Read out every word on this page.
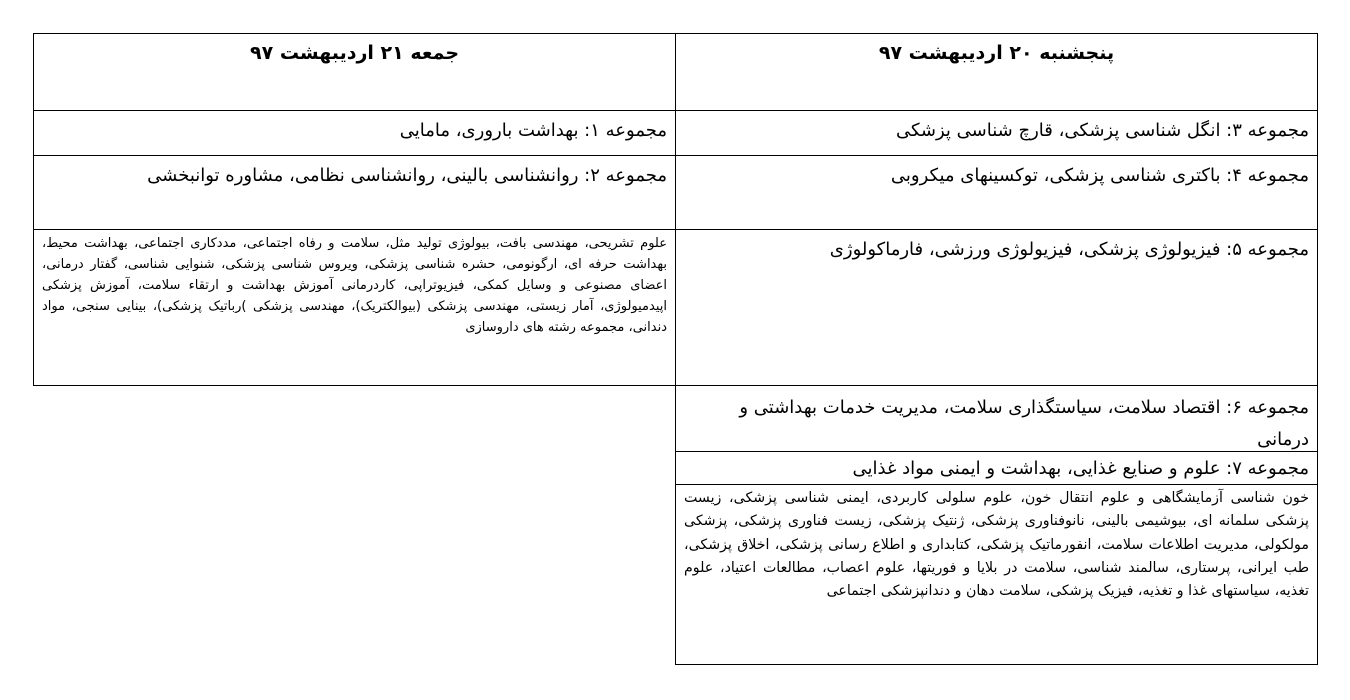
جمعه ۲۱ اردیبهشت ۹۷
مجموعه ۱: بهداشت باروری، مامایی
مجموعه ۲: روانشناسی بالینی، روانشناسی نظامی، مشاوره توانبخشی
علوم تشریحی، مهندسی بافت، بیولوژی تولید مثل، سلامت و رفاه اجتماعی، مددکاری اجتماعی، بهداشت محیط، بهداشت حرفه ای، ارگونومی، حشره شناسی پزشکی، ویروس شناسی پزشکی، شنوایی شناسی، گفتار درمانی، اعضای مصنوعی و وسایل کمکی، فیزیوتراپی، کاردرمانی آموزش بهداشت و ارتقاء سلامت، آموزش پزشکی اپیدمیولوژی، آمار زیستی، مهندسی پزشکی (بیوالکتریک)، مهندسی پزشکی )رباتیک پزشکی)، بینایی سنجی، مواد دندانی، مجموعه رشته های داروسازی
پنجشنبه ۲۰ اردیبهشت ۹۷
مجموعه ۳: انگل شناسی پزشکی، قارچ شناسی پزشکی
مجموعه ۴: باکتری شناسی پزشکی، توکسینهای میکروبی
مجموعه ۵: فیزیولوژی پزشکی، فیزیولوژی ورزشی، فارماکولوژی
مجموعه ۶: اقتصاد سلامت، سیاستگذاری سلامت، مدیریت خدمات بهداشتی و درمانی
مجموعه ۷: علوم و صنایع غذایی، بهداشت و ایمنی مواد غذایی
خون شناسی آزمایشگاهی و علوم انتقال خون، علوم سلولی کاربردی، ایمنی شناسی پزشکی، زیست پزشکی سلمانه ای، بیوشیمی بالینی، نانوفناوری پزشکی، ژنتیک پزشکی، زیست فناوری پزشکی، پزشکی مولکولی، مدیریت اطلاعات سلامت، انفورماتیک پزشکی، کتابداری و اطلاع رسانی پزشکی، اخلاق پزشکی، طب ایرانی، پرستاری، سالمند شناسی، سلامت در بلایا و فوریتها، علوم اعصاب، مطالعات اعتیاد، علوم تغذیه، سیاستهای غذا و تغذیه، فیزیک پزشکی، سلامت دهان و دندانپزشکی اجتماعی
